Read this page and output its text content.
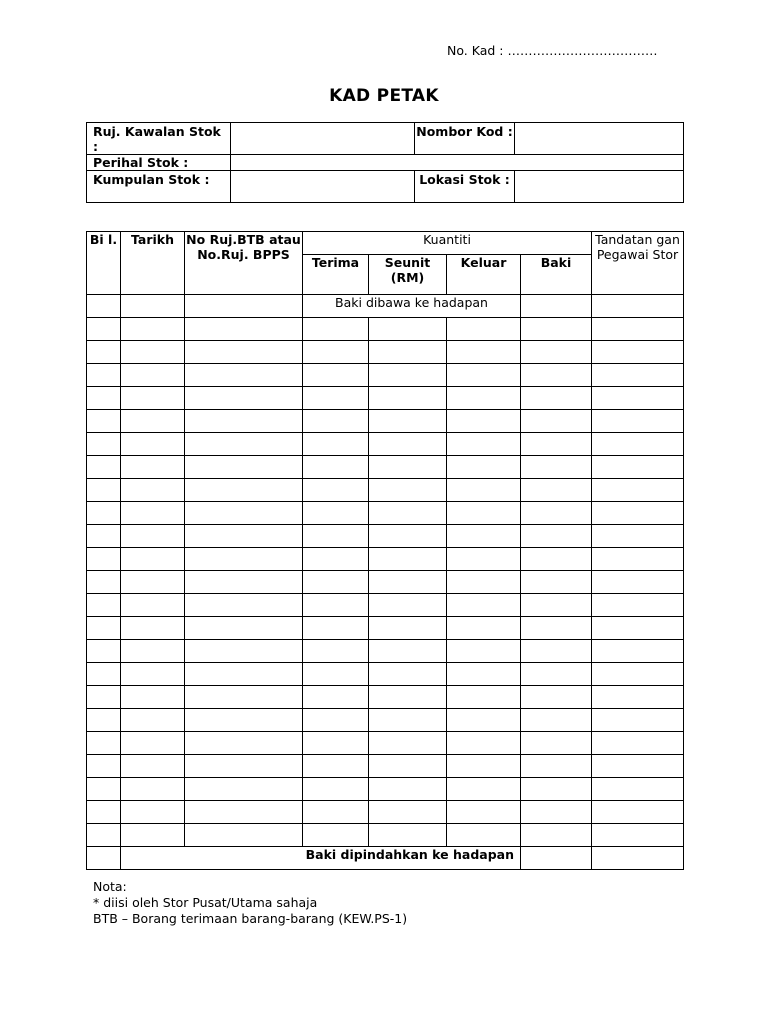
No. Kad : ………………………………
KAD PETAK
Ruj. Kawalan Stok :		Nombor Kod :	
Perihal Stok :			
Kumpulan Stok :		Lokasi Stok :	
Bi l.	Tarikh	No Ruj.BTB atau No.Ruj. BPPS	Kuantiti				Tandatan gan Pegawai Stor
			Terima	Seunit (RM)	Keluar	Baki	
			Baki dibawa ke hadapan				

	Baki dipindahkan ke hadapan						
Nota:
* diisi oleh Stor Pusat/Utama sahaja
BTB – Borang terimaan barang-barang (KEW.PS-1)
